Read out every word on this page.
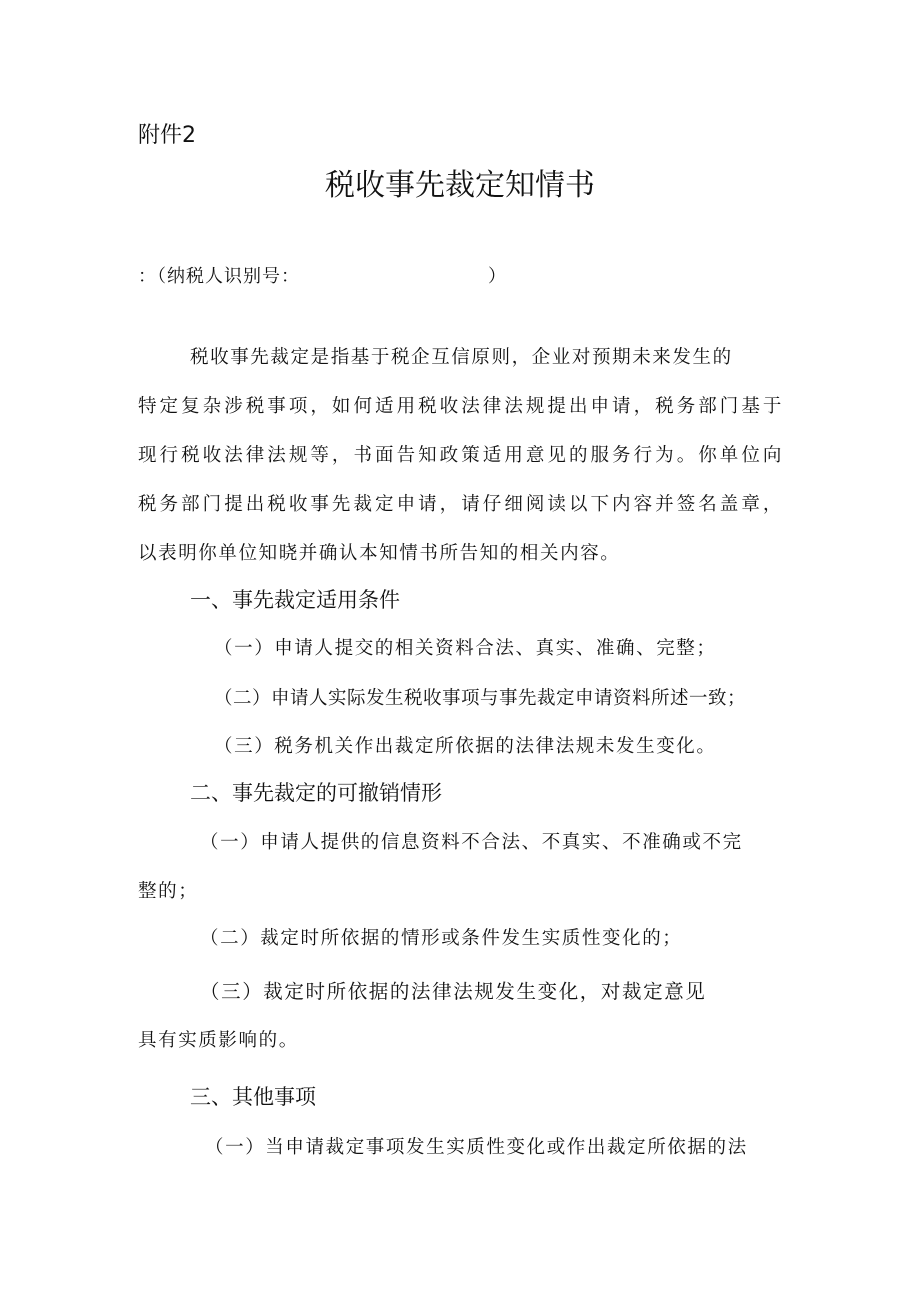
附件2
税收事先裁定知情书
：（纳税人识别号：	）
税收事先裁定是指基于税企互信原则，企业对预期未来发生的
特定复杂涉税事项，如何适用税收法律法规提出申请，税务部门基于
现行税收法律法规等，书面告知政策适用意见的服务行为。你单位向
税务部门提出税收事先裁定申请，请仔细阅读以下内容并签名盖章，
以表明你单位知晓并确认本知情书所告知的相关内容。
一、事先裁定适用条件
（一）申请人提交的相关资料合法、真实、准确、完整；
（二）申请人实际发生税收事项与事先裁定申请资料所述一致；
（三）税务机关作出裁定所依据的法律法规未发生变化。
二、事先裁定的可撤销情形
（一）申请人提供的信息资料不合法、不真实、不准确或不完
整的；
（二）裁定时所依据的情形或条件发生实质性变化的；
（三）裁定时所依据的法律法规发生变化，对裁定意见
具有实质影响的。
三、其他事项
（一）当申请裁定事项发生实质性变化或作出裁定所依据的法
